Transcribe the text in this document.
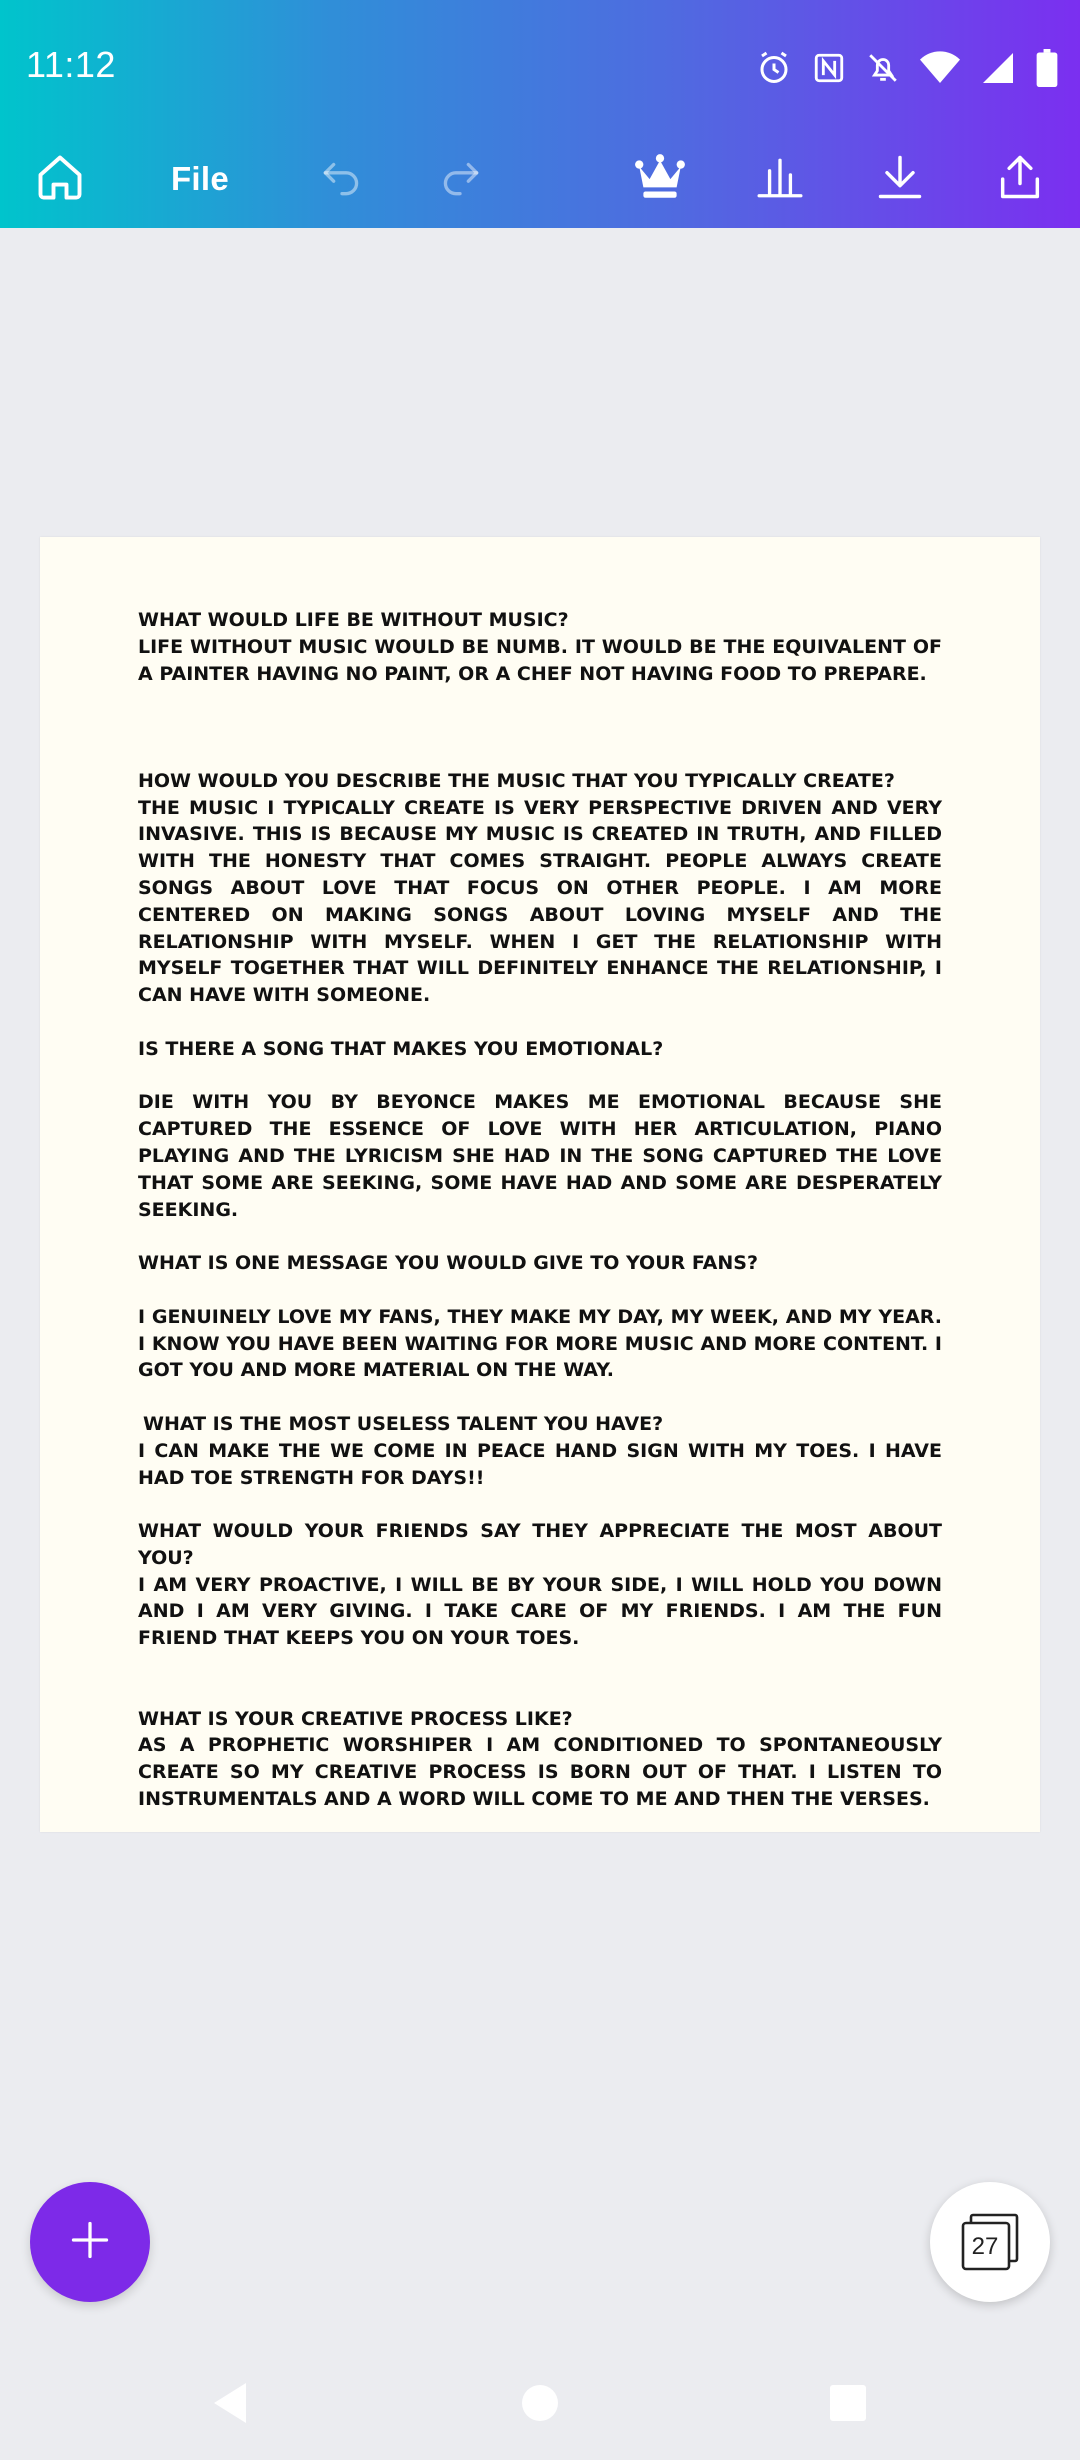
11:12
File

WHAT WOULD LIFE BE WITHOUT MUSIC?

LIFE WITHOUT MUSIC WOULD BE NUMB. IT WOULD BE THE EQUIVALENT OF A PAINTER HAVING NO PAINT, OR A CHEF NOT HAVING FOOD TO PREPARE.

HOW WOULD YOU DESCRIBE THE MUSIC THAT YOU TYPICALLY CREATE?

THE MUSIC I TYPICALLY CREATE IS VERY PERSPECTIVE DRIVEN AND VERY INVASIVE. THIS IS BECAUSE MY MUSIC IS CREATED IN TRUTH, AND FILLED WITH THE HONESTY THAT COMES STRAIGHT. PEOPLE ALWAYS CREATE SONGS ABOUT LOVE THAT FOCUS ON OTHER PEOPLE. I AM MORE CENTERED ON MAKING SONGS ABOUT LOVING MYSELF AND THE RELATIONSHIP WITH MYSELF. WHEN I GET THE RELATIONSHIP WITH MYSELF TOGETHER THAT WILL DEFINITELY ENHANCE THE RELATIONSHIP, I CAN HAVE WITH SOMEONE.

IS THERE A SONG THAT MAKES YOU EMOTIONAL?

DIE WITH YOU BY BEYONCE MAKES ME EMOTIONAL BECAUSE SHE CAPTURED THE ESSENCE OF LOVE WITH HER ARTICULATION, PIANO PLAYING AND THE LYRICISM SHE HAD IN THE SONG CAPTURED THE LOVE THAT SOME ARE SEEKING, SOME HAVE HAD AND SOME ARE DESPERATELY SEEKING.

WHAT IS ONE MESSAGE YOU WOULD GIVE TO YOUR FANS?

I GENUINELY LOVE MY FANS, THEY MAKE MY DAY, MY WEEK, AND MY YEAR. I KNOW YOU HAVE BEEN WAITING FOR MORE MUSIC AND MORE CONTENT. I GOT YOU AND MORE MATERIAL ON THE WAY.

WHAT IS THE MOST USELESS TALENT YOU HAVE?

I CAN MAKE THE WE COME IN PEACE HAND SIGN WITH MY TOES. I HAVE HAD TOE STRENGTH FOR DAYS!!

WHAT WOULD YOUR FRIENDS SAY THEY APPRECIATE THE MOST ABOUT YOU?

I AM VERY PROACTIVE, I WILL BE BY YOUR SIDE, I WILL HOLD YOU DOWN AND I AM VERY GIVING. I TAKE CARE OF MY FRIENDS. I AM THE FUN FRIEND THAT KEEPS YOU ON YOUR TOES.

WHAT IS YOUR CREATIVE PROCESS LIKE?

AS A PROPHETIC WORSHIPER I AM CONDITIONED TO SPONTANEOUSLY CREATE SO MY CREATIVE PROCESS IS BORN OUT OF THAT. I LISTEN TO INSTRUMENTALS AND A WORD WILL COME TO ME AND THEN THE VERSES.

27
